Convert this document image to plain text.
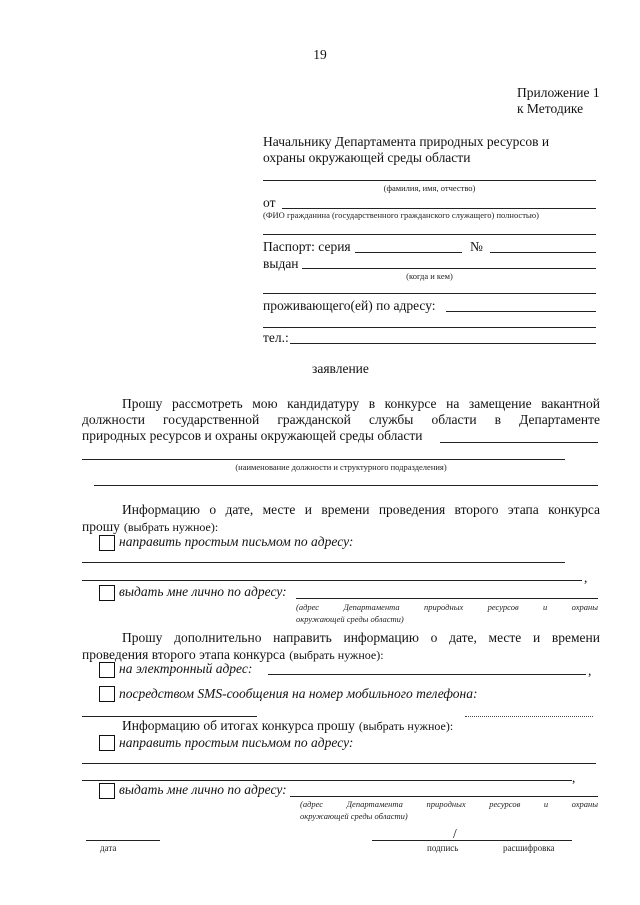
19
Приложение 1
к Методике
Начальнику Департамента природных ресурсов и
охраны окружающей среды области
(фамилия, имя, отчество)
от
(ФИО гражданина (государственного гражданского служащего) полностью)
Паспорт: серия	№
выдан
(когда и кем)
проживающего(ей) по адресу:
тел.:
заявление
Прошу рассмотреть мою кандидатуру в конкурсе на замещение вакантной
должности государственной гражданской службы области в Департаменте
природных ресурсов и охраны окружающей среды области
(наименование должности и структурного подразделения)
Информацию о дате, месте и времени проведения второго этапа конкурса
прошу (выбрать нужное):
направить простым письмом по адресу:
,
выдать мне лично по адресу:
(адрес Департамента природных ресурсов и охраны
окружающей среды области)
Прошу дополнительно направить информацию о дате, месте и времени
проведения второго этапа конкурса (выбрать нужное):
на электронный адрес:	,
посредством SMS-сообщения на номер мобильного телефона:
Информацию об итогах конкурса прошу (выбрать нужное):
направить простым письмом по адресу:
,
выдать мне лично по адресу:
(адрес Департамента природных ресурсов и охраны
окружающей среды области)
дата
/
подпись	расшифровка
